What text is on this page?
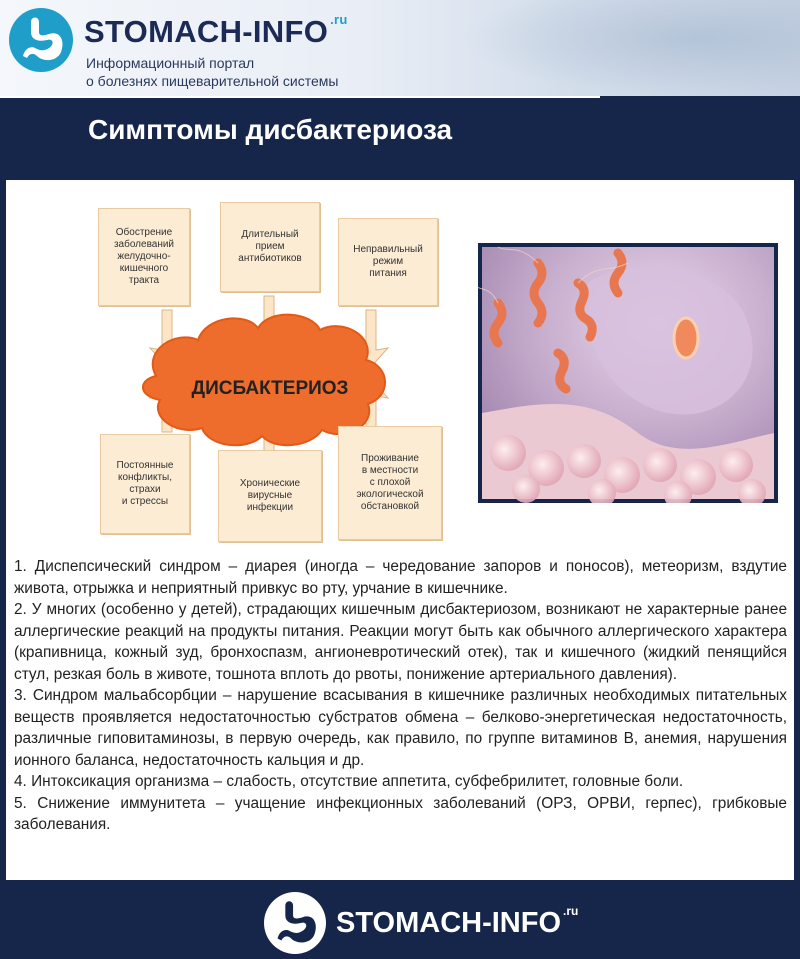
STOMACH-INFO $^{.ru}$
Информационный портал
о болезнях пищеварительной системы
Симптомы дисбактериоза
Обострение
заболеваний
желудочно-
кишечного
тракта
Длительный
прием
антибиотиков
Неправильный
режим
питания
Постоянные
конфликты,
страхи
и стрессы
Хронические
вирусные
инфекции
Проживание
в местности
с плохой
экологической
обстановкой
ДИСБАКТЕРИОЗ

1. Диспепсический синдром – диарея (иногда – чередование запоров и поносов), метеоризм, вздутие живота, отрыжка и неприятный привкус во рту, урчание в кишечнике.

2. У многих (особенно у детей), страдающих кишечным дисбактериозом, возникают не характерные ранее аллергические реакций на продукты питания. Реакции могут быть как обычного аллергического характера (крапивница, кожный зуд, бронхоспазм, ангионевротический отек), так и кишечного (жидкий пенящийся стул, резкая боль в животе, тошнота вплоть до рвоты, понижение артериального давления).

3. Синдром мальабсорбции – нарушение всасывания в кишечнике различных необходимых питательных веществ проявляется недостаточностью субстратов обмена – белково-энергетическая недостаточность, различные гиповитаминозы, в первую очередь, как правило, по группе витаминов В, анемия, нарушения ионного баланса, недостаточность кальция и др.

4. Интоксикация организма – слабость, отсутствие аппетита, субфебрилитет, головные боли.

5. Снижение иммунитета – учащение инфекционных заболеваний (ОРЗ, ОРВИ, герпес), грибковые заболевания.

STOMACH-INFO $^{.ru}$
